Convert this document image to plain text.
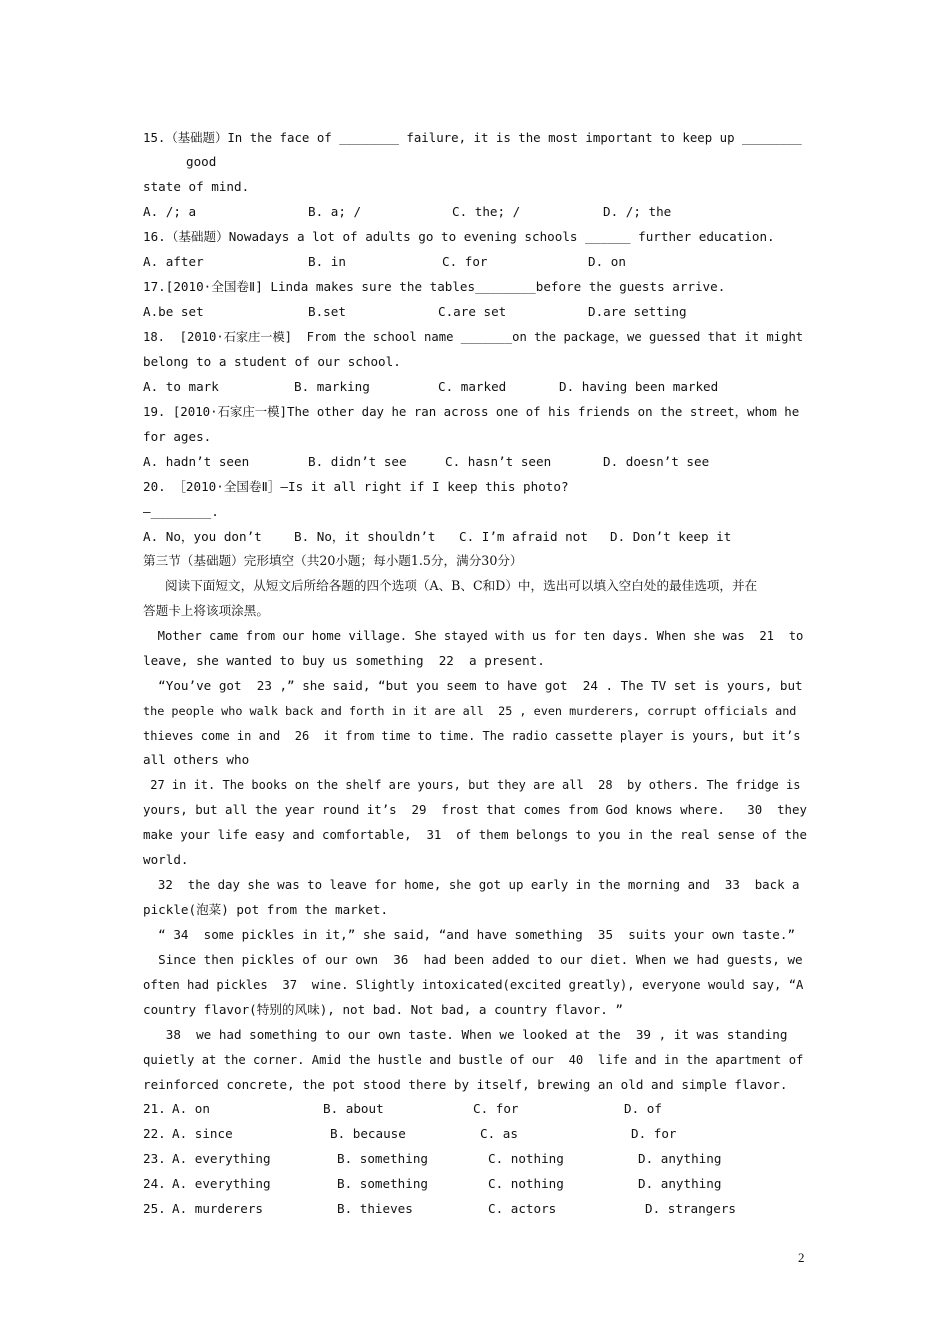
15.（基础题）In the face of ________ failure, it is the most important to keep up ________
good
state of mind.
A. /; a	B. a; /	C. the; /	D. /; the
16.（基础题）Nowadays a lot of adults go to evening schools ______ further education.
A. after	B. in	C. for	D. on
17.[2010·全国卷Ⅱ] Linda makes sure the tables________before the guests arrive.
A.be set	B.set	C.are set	D.are setting
18.  [2010·石家庄一模]  From the school name _______on the package，we guessed that it might
belong to a student of our school.
A. to mark	B. marking	C. marked	D. having been marked
19. [2010·石家庄一模]The other day he ran across one of his friends on the street，whom he
for ages.
A. hadn’t seen	B. didn’t see	C. hasn’t seen	D. doesn’t see
20. ［2010·全国卷Ⅱ］—Is it all right if I keep this photo?
—________.
A. No，you don’t	B. No，it shouldn’t C. I’m afraid not D. Don’t keep it
第三节（基础题）完形填空（共20小题；每小题1.5分，满分30分）
阅读下面短文，从短文后所给各题的四个选项（A、B、C和D）中，选出可以填入空白处的最佳选项，并在
答题卡上将该项涂黑。
Mother came from our home village. She stayed with us for ten days. When she was  21  to
leave, she wanted to buy us something  22  a present.
“You’ve got  23 ,” she said, “but you seem to have got  24 . The TV set is yours, but
the people who walk back and forth in it are all  25 , even murderers, corrupt officials and
thieves come in and  26  it from time to time. The radio cassette player is yours, but it’s
all others who
27 in it. The books on the shelf are yours, but they are all  28  by others. The fridge is
yours, but all the year round it’s  29  frost that comes from God knows where.   30  they
make your life easy and comfortable,  31  of them belongs to you in the real sense of the
world.
32  the day she was to leave for home, she got up early in the morning and  33  back a
pickle(泡菜) pot from the market.
“ 34  some pickles in it,” she said, “and have something  35  suits your own taste.”
Since then pickles of our own  36  had been added to our diet. When we had guests, we
often had pickles  37  wine. Slightly intoxicated(excited greatly), everyone would say, “A
country flavor(特别的风味), not bad. Not bad, a country flavor. ”
38  we had something to our own taste. When we looked at the  39 , it was standing
quietly at the corner. Amid the hustle and bustle of our  40  life and in the apartment of
reinforced concrete, the pot stood there by itself, brewing an old and simple flavor.
21. A. on	B. about	C. for	D. of
22. A. since	B. because	C. as	D. for
23. A. everything	B. something	C. nothing	D. anything
24. A. everything	B. something	C. nothing	D. anything
25. A. murderers	B. thieves	C. actors	D. strangers
2
